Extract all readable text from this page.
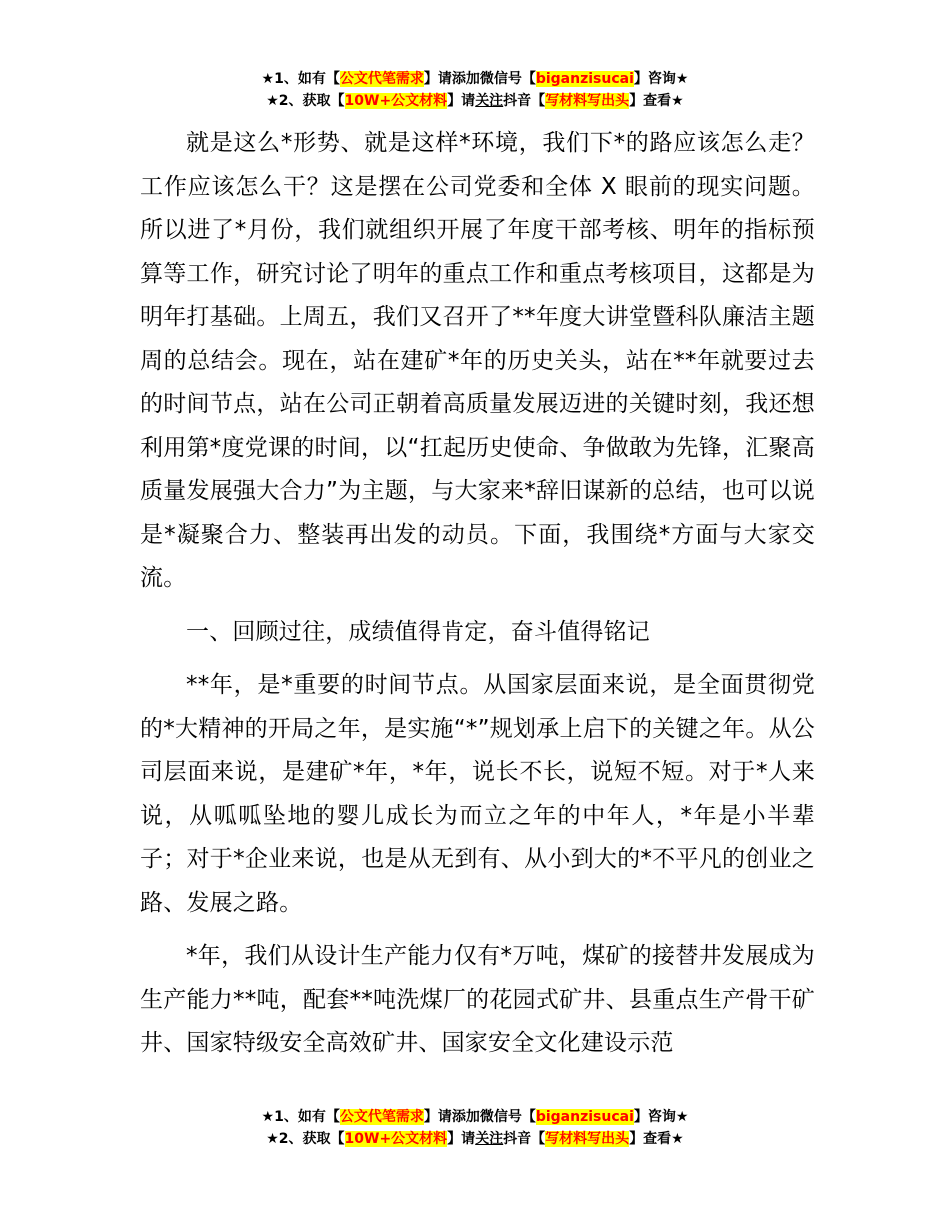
★1、如有【公文代笔需求】请添加微信号【biganzisucai】咨询★
★2、获取【10W+公文材料】请关注抖音【写材料写出头】查看★

就是这么*形势、就是这样*环境，我们下*的路应该怎么走？工作应该怎么干？这是摆在公司党委和全体 X 眼前的现实问题。所以进了*月份，我们就组织开展了年度干部考核、明年的指标预算等工作，研究讨论了明年的重点工作和重点考核项目，这都是为明年打基础。上周五，我们又召开了**年度大讲堂暨科队廉洁主题周的总结会。现在，站在建矿*年的历史关头，站在**年就要过去的时间节点，站在公司正朝着高质量发展迈进的关键时刻，我还想利用第*度党课的时间，以“扛起历史使命、争做敢为先锋，汇聚高质量发展强大合力”为主题，与大家来*辞旧谋新的总结，也可以说是*凝聚合力、整装再出发的动员。下面，我围绕*方面与大家交流。

一、回顾过往，成绩值得肯定，奋斗值得铭记

**年，是*重要的时间节点。从国家层面来说，是全面贯彻党的*大精神的开局之年，是实施“*”规划承上启下的关键之年。从公司层面来说，是建矿*年，*年，说长不长，说短不短。对于*人来说，从呱呱坠地的婴儿成长为而立之年的中年人，*年是小半辈子；对于*企业来说，也是从无到有、从小到大的*不平凡的创业之路、发展之路。

*年，我们从设计生产能力仅有*万吨，煤矿的接替井发展成为生产能力**吨，配套**吨洗煤厂的花园式矿井、县重点生产骨干矿井、国家特级安全高效矿井、国家安全文化建设示范

★1、如有【公文代笔需求】请添加微信号【biganzisucai】咨询★
★2、获取【10W+公文材料】请关注抖音【写材料写出头】查看★
